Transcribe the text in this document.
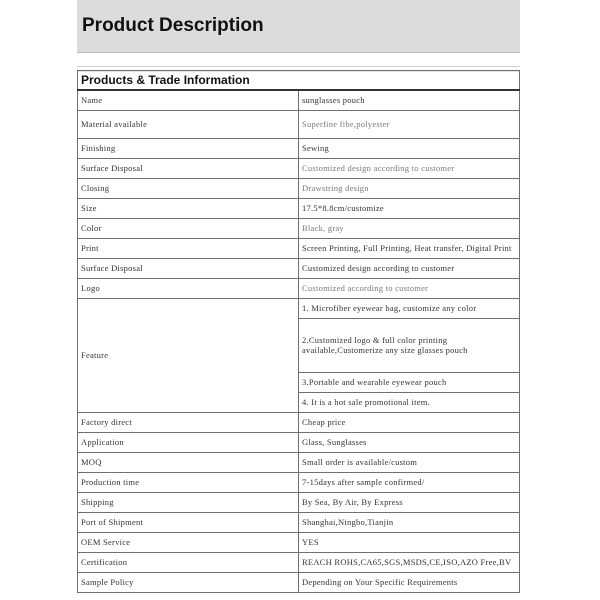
Product Description
Products & Trade Information	
Name	sunglasses pouch
Material available	Superfine fibe,polyester
Finishing	Sewing
Surface Disposal	Customized design according to customer
Closing	Drawstring design
Size	17.5*8.8cm/customize
Color	Black, gray
Print	Screen Printing, Full Printing, Heat transfer, Digital Print
Surface Disposal	Customized design according to customer
Logo	Customized according to customer
Feature	1. Microfiber eyewear bag, customize any color
	2.Customized logo & full color printing available,Customerize any size glasses pouch
	3.Portable and wearable eyewear pouch
	4. It is a hot sale promotional item.
Factory direct	Cheap price
Application	Glass, Sunglasses
MOQ	Small order is available/custom
Production time	7-15days after sample confirmed/
Shipping	By Sea, By Air, By Express
Port of Shipment	Shanghai,Ningbo,Tianjin
OEM Service	YES
Certification	REACH ROHS,CA65,SGS,MSDS,CE,ISO,AZO Free,BV
Sample Policy	Depending on Your Specific Requirements
